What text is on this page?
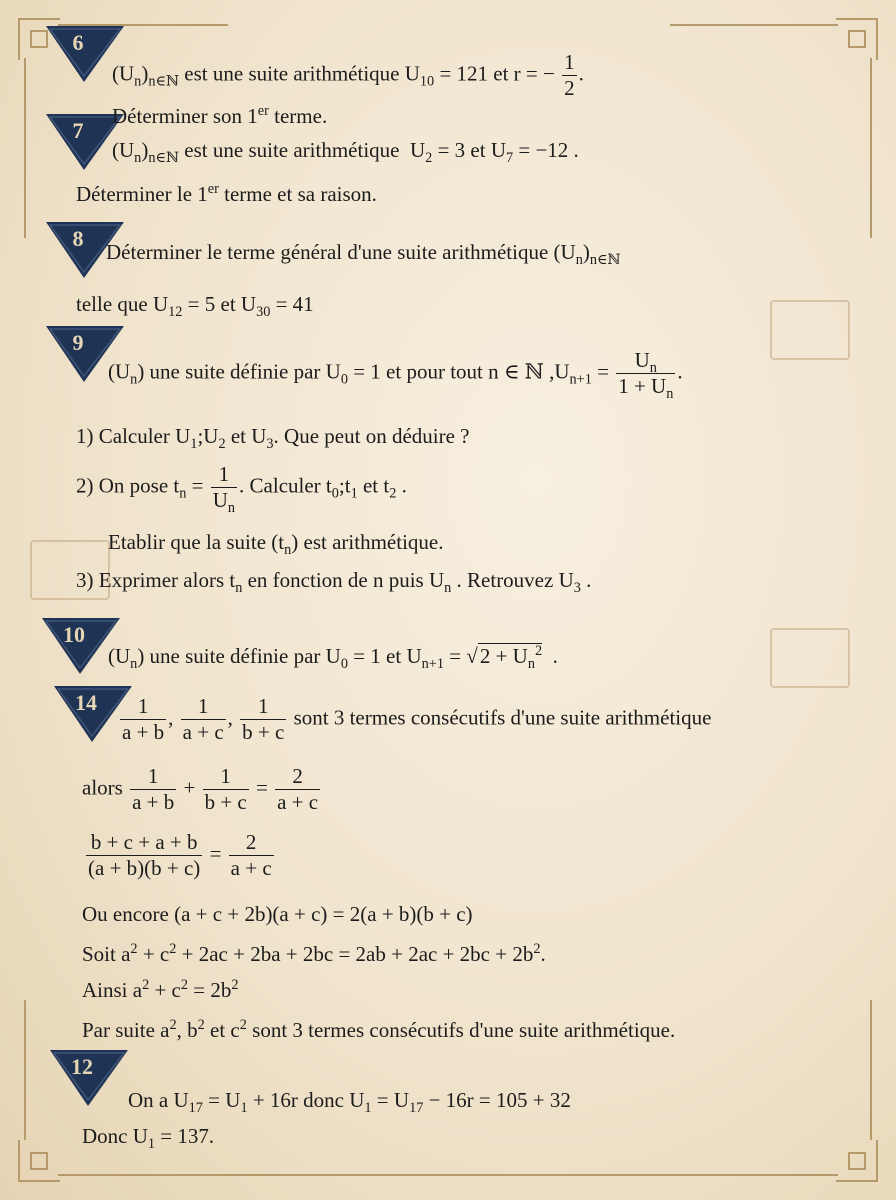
6
$(U_n)_{n\in ℕ}$ est une suite arithmétique $U_{10} = 121$ et r = − $\frac{1}{2}$ .
7
Déterminer son 1er terme.
$(U_n)_{n\in ℕ}$ est une suite arithmétique $U_2 = 3$ et $U_7 = -12$ .
Déterminer le 1er terme et sa raison.
8
Déterminer le terme général d'une suite arithmétique $(U_n)_{n\in ℕ}$
telle que $U_{12} = 5$ et $U_{30} = 41$
9
$(U_n)$ une suite définie par $U_0 = 1$ et pour tout n ∈ ℕ $,U_{n+1} = \frac{U_n}{1 + U_n}$ .
1) Calculer $U_1;U_2$ et $U_3$. Que peut on déduire ?
2) On pose $t_n = \frac{1}{U_n}$ . Calculer $t_0;t_1$ et $t_2$ .
Etablir que la suite $(t_n)$ est arithmétique.
3) Exprimer alors $t_n$ en fonction de n puis $U_n$ . Retrouvez $U_3$ .
10
$(U_n)$ une suite définie par $U_0 = 1$ et $U_{n+1} = √2 + U_n^2$ .
14	$\frac{1}{a + b}$ , $\frac{1}{a + c}$ , $\frac{1}{b + c}$ sont 3 termes consécutifs d'une suite arithmétique
alors $\frac{1}{a + b} + \frac{1}{b + c} = \frac{2}{a + c}$
$\frac{b + c + a + b}{(a + b)(b + c)} = \frac{2}{a + c}$
Ou encore (a + c + 2b)(a + c) = 2(a + b)(b + c)
Soit $a^2 + c^2 + 2ac + 2ba + 2bc = 2ab + 2ac + 2bc + 2b^2$.
Ainsi $a^2 + c^2 = 2b^2$
Par suite $a^2$, $b^2$ et $c^2$ sont 3 termes consécutifs d'une suite arithmétique.
12
On a $U_{17} = U_1 + 16r$ donc $U_1 = U_{17} - 16r = 105 + 32$
Donc $U_1 = 137$.
